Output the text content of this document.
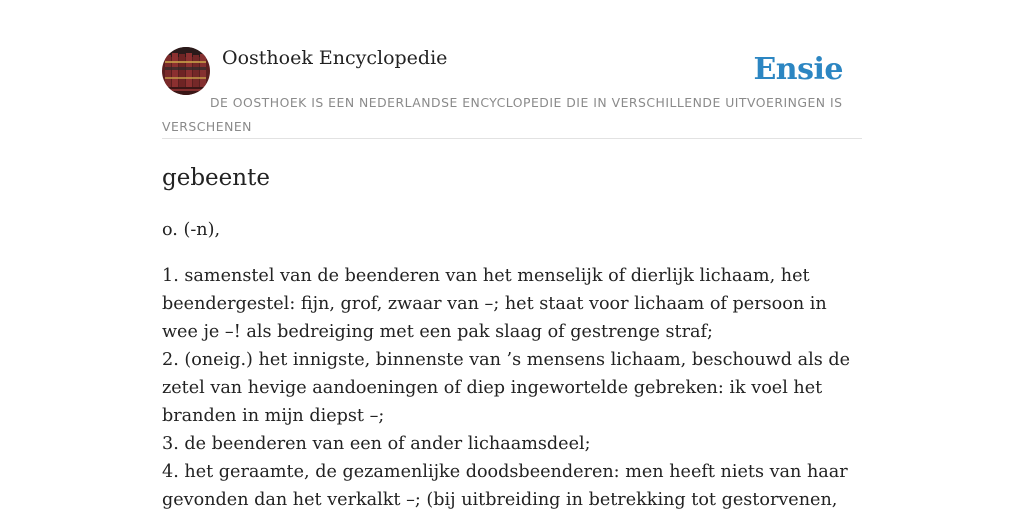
Oosthoek Encyclopedie	Ensie
DE OOSTHOEK IS EEN NEDERLANDSE ENCYCLOPEDIE DIE IN VERSCHILLENDE UITVOERINGEN IS VERSCHENEN
gebeente

o. (-n),

1. samenstel van de beenderen van het menselijk of dierlijk lichaam, het beendergestel: fijn, grof, zwaar van –; het staat voor lichaam of persoon in wee je –! als bedreiging met een pak slaag of gestrenge straf;
2. (oneig.) het innigste, binnenste van ’s mensens lichaam, beschouwd als de zetel van hevige aandoeningen of diep ingewortelde gebreken: ik voel het branden in mijn diepst –;
3. de beenderen van een of ander lichaamsdeel;
4. het geraamte, de gezamenlijke doodsbeenderen: men heeft niets van haar gevonden dan het verkalkt –; (bij uitbreiding in betrekking tot gestorvenen,
